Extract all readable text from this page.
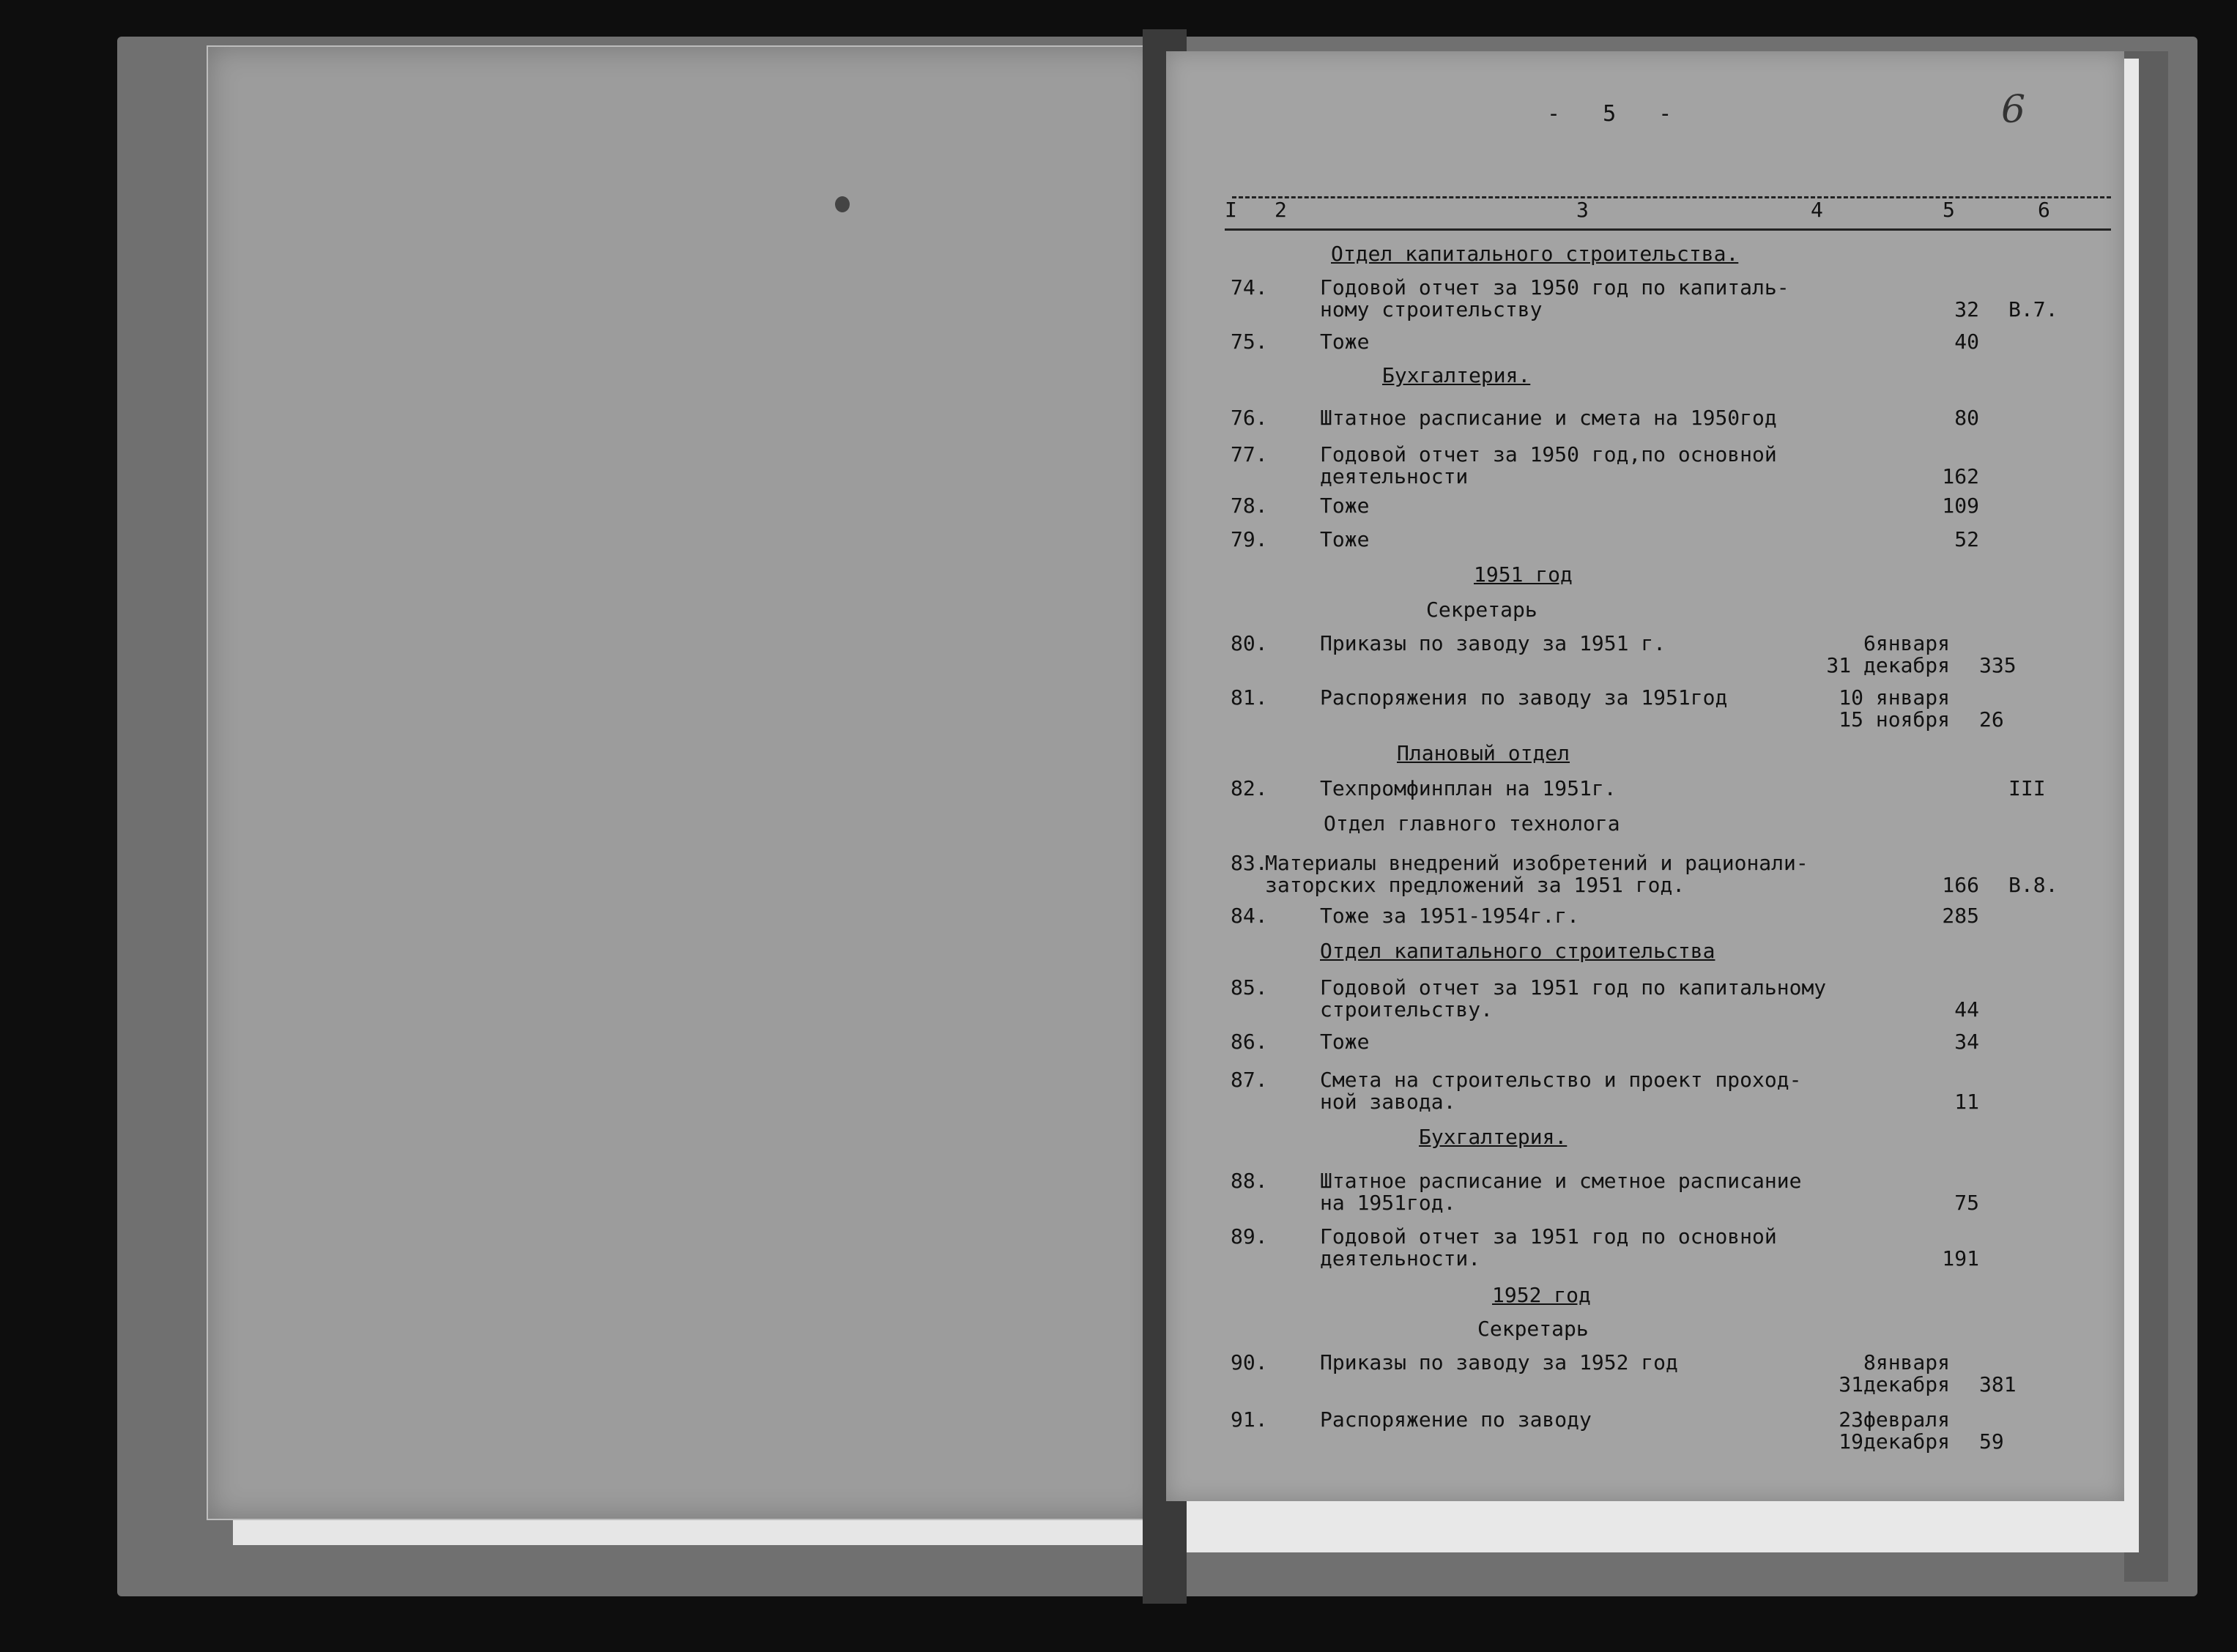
- 5 -	6
I 2	3	4	5	6
Отдел капитального строительства.
Бухгалтерия.
1951 год
Секретарь
Плановый отдел
Отдел главного технолога
Отдел капитального строительства
Бухгалтерия.
1952 год
Секретарь
74.	Годовой отчет за 1950 год по капиталь-
ному строительству	32 В.7.
75.	Тоже	40
76.	Штатное расписание и смета на 1950год	80
77.	Годовой отчет за 1950 год,по основной
деятельности	162
78.	Тоже	109
79.	Тоже	52
80.	Приказы по заводу за 1951 г.	6января
31 декабря 335
81.	Распоряжения по заводу за 1951год	10 января
15 ноября 26
82.	Техпромфинплан на 1951г.	III
83.
Материалы внедрений изобретений и рационали-
заторских предложений за 1951 год.	166 В.8.
84.	Тоже за 1951-1954г.г.	285
85.	Годовой отчет за 1951 год по капитальному
строительству.	44
86.	Тоже	34
87.	Смета на строительство и проект проход-
ной завода.	11
88.	Штатное расписание и сметное расписание
на 1951год.	75
89.	Годовой отчет за 1951 год по основной
деятельности.	191
90.	Приказы по заводу за 1952 год	8января
31декабря 381
91.	Распоряжение по заводу	23февраля
19декабря 59
